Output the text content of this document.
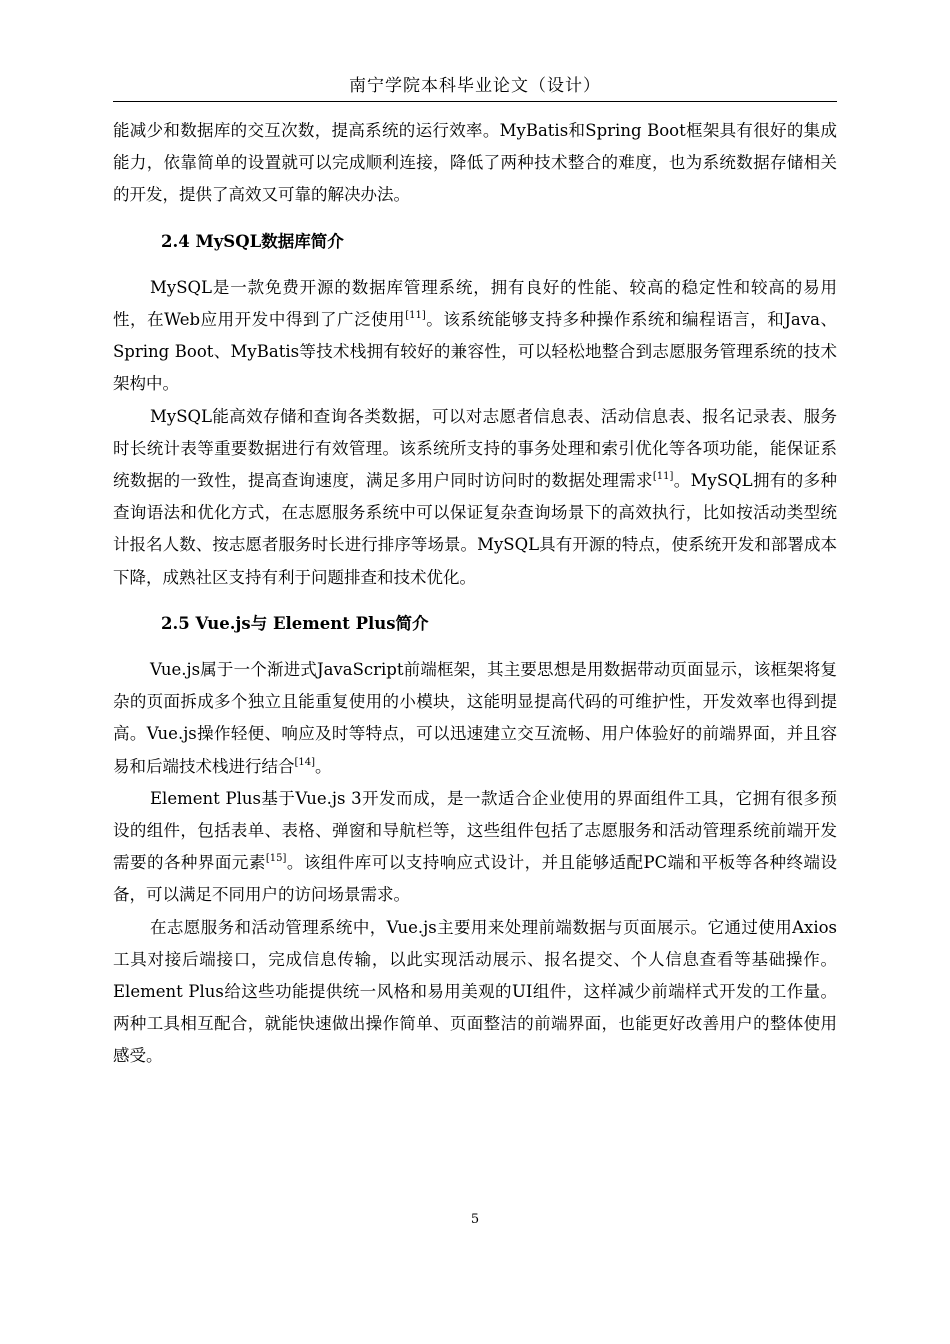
南宁学院本科毕业论文（设计）

能减少和数据库的交互次数，提高系统的运行效率。MyBatis和Spring Boot框架具有很好的集成能力，依靠简单的设置就可以完成顺利连接，降低了两种技术整合的难度，也为系统数据存储相关的开发，提供了高效又可靠的解决办法。

2.4 MySQL数据库简介

MySQL是一款免费开源的数据库管理系统，拥有良好的性能、较高的稳定性和较高的易用性，在Web应用开发中得到了广泛使用[11]。该系统能够支持多种操作系统和编程语言，和Java、Spring Boot、MyBatis等技术栈拥有较好的兼容性，可以轻松地整合到志愿服务管理系统的技术架构中。

MySQL能高效存储和查询各类数据，可以对志愿者信息表、活动信息表、报名记录表、服务时长统计表等重要数据进行有效管理。该系统所支持的事务处理和索引优化等各项功能，能保证系统数据的一致性，提高查询速度，满足多用户同时访问时的数据处理需求[11]。MySQL拥有的多种查询语法和优化方式，在志愿服务系统中可以保证复杂查询场景下的高效执行，比如按活动类型统计报名人数、按志愿者服务时长进行排序等场景。MySQL具有开源的特点，使系统开发和部署成本下降，成熟社区支持有利于问题排查和技术优化。

2.5 Vue.js与 Element Plus简介

Vue.js属于一个渐进式JavaScript前端框架，其主要思想是用数据带动页面显示，该框架将复杂的页面拆成多个独立且能重复使用的小模块，这能明显提高代码的可维护性，开发效率也得到提高。Vue.js操作轻便、响应及时等特点，可以迅速建立交互流畅、用户体验好的前端界面，并且容易和后端技术栈进行结合[14]。

Element Plus基于Vue.js 3开发而成，是一款适合企业使用的界面组件工具，它拥有很多预设的组件，包括表单、表格、弹窗和导航栏等，这些组件包括了志愿服务和活动管理系统前端开发需要的各种界面元素[15]。该组件库可以支持响应式设计，并且能够适配PC端和平板等各种终端设备，可以满足不同用户的访问场景需求。

在志愿服务和活动管理系统中，Vue.js主要用来处理前端数据与页面展示。它通过使用Axios工具对接后端接口，完成信息传输，以此实现活动展示、报名提交、个人信息查看等基础操作。Element Plus给这些功能提供统一风格和易用美观的UI组件，这样减少前端样式开发的工作量。两种工具相互配合，就能快速做出操作简单、页面整洁的前端界面，也能更好改善用户的整体使用感受。

5
